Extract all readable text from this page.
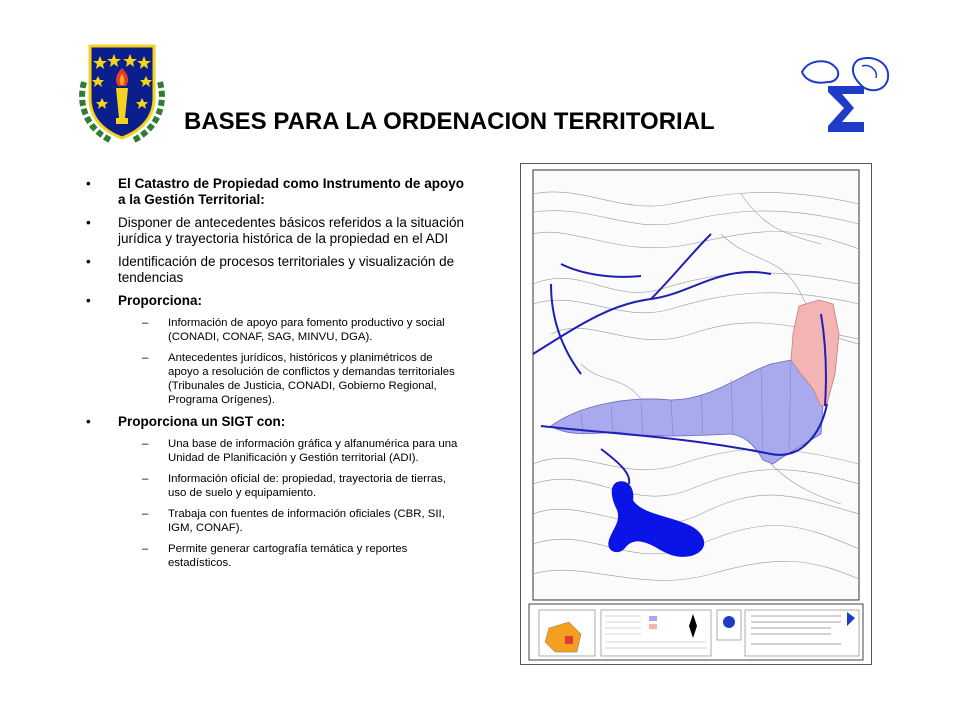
BASES PARA LA ORDENACION TERRITORIAL
• El Catastro de Propiedad como Instrumento de apoyo a la Gestión Territorial:
• Disponer de antecedentes básicos referidos a la situación jurídica y trayectoria histórica de la propiedad en el ADI
• Identificación de procesos territoriales y visualización de tendencias
• Proporciona:
– Información de apoyo para fomento productivo y social (CONADI, CONAF, SAG, MINVU, DGA).
– Antecedentes jurídicos, históricos y planimétricos de apoyo a resolución de conflictos y demandas territoriales (Tribunales de Justicia, CONADI, Gobierno Regional, Programa Orígenes).
• Proporciona un SIGT con:
– Una base de información gráfica y alfanumérica para una Unidad de Planificación y Gestión territorial (ADI).
– Información oficial de: propiedad, trayectoria de tierras, uso de suelo y equipamiento.
– Trabaja con fuentes de información oficiales (CBR, SII, IGM, CONAF).
– Permite generar cartografía temática y reportes estadísticos.
